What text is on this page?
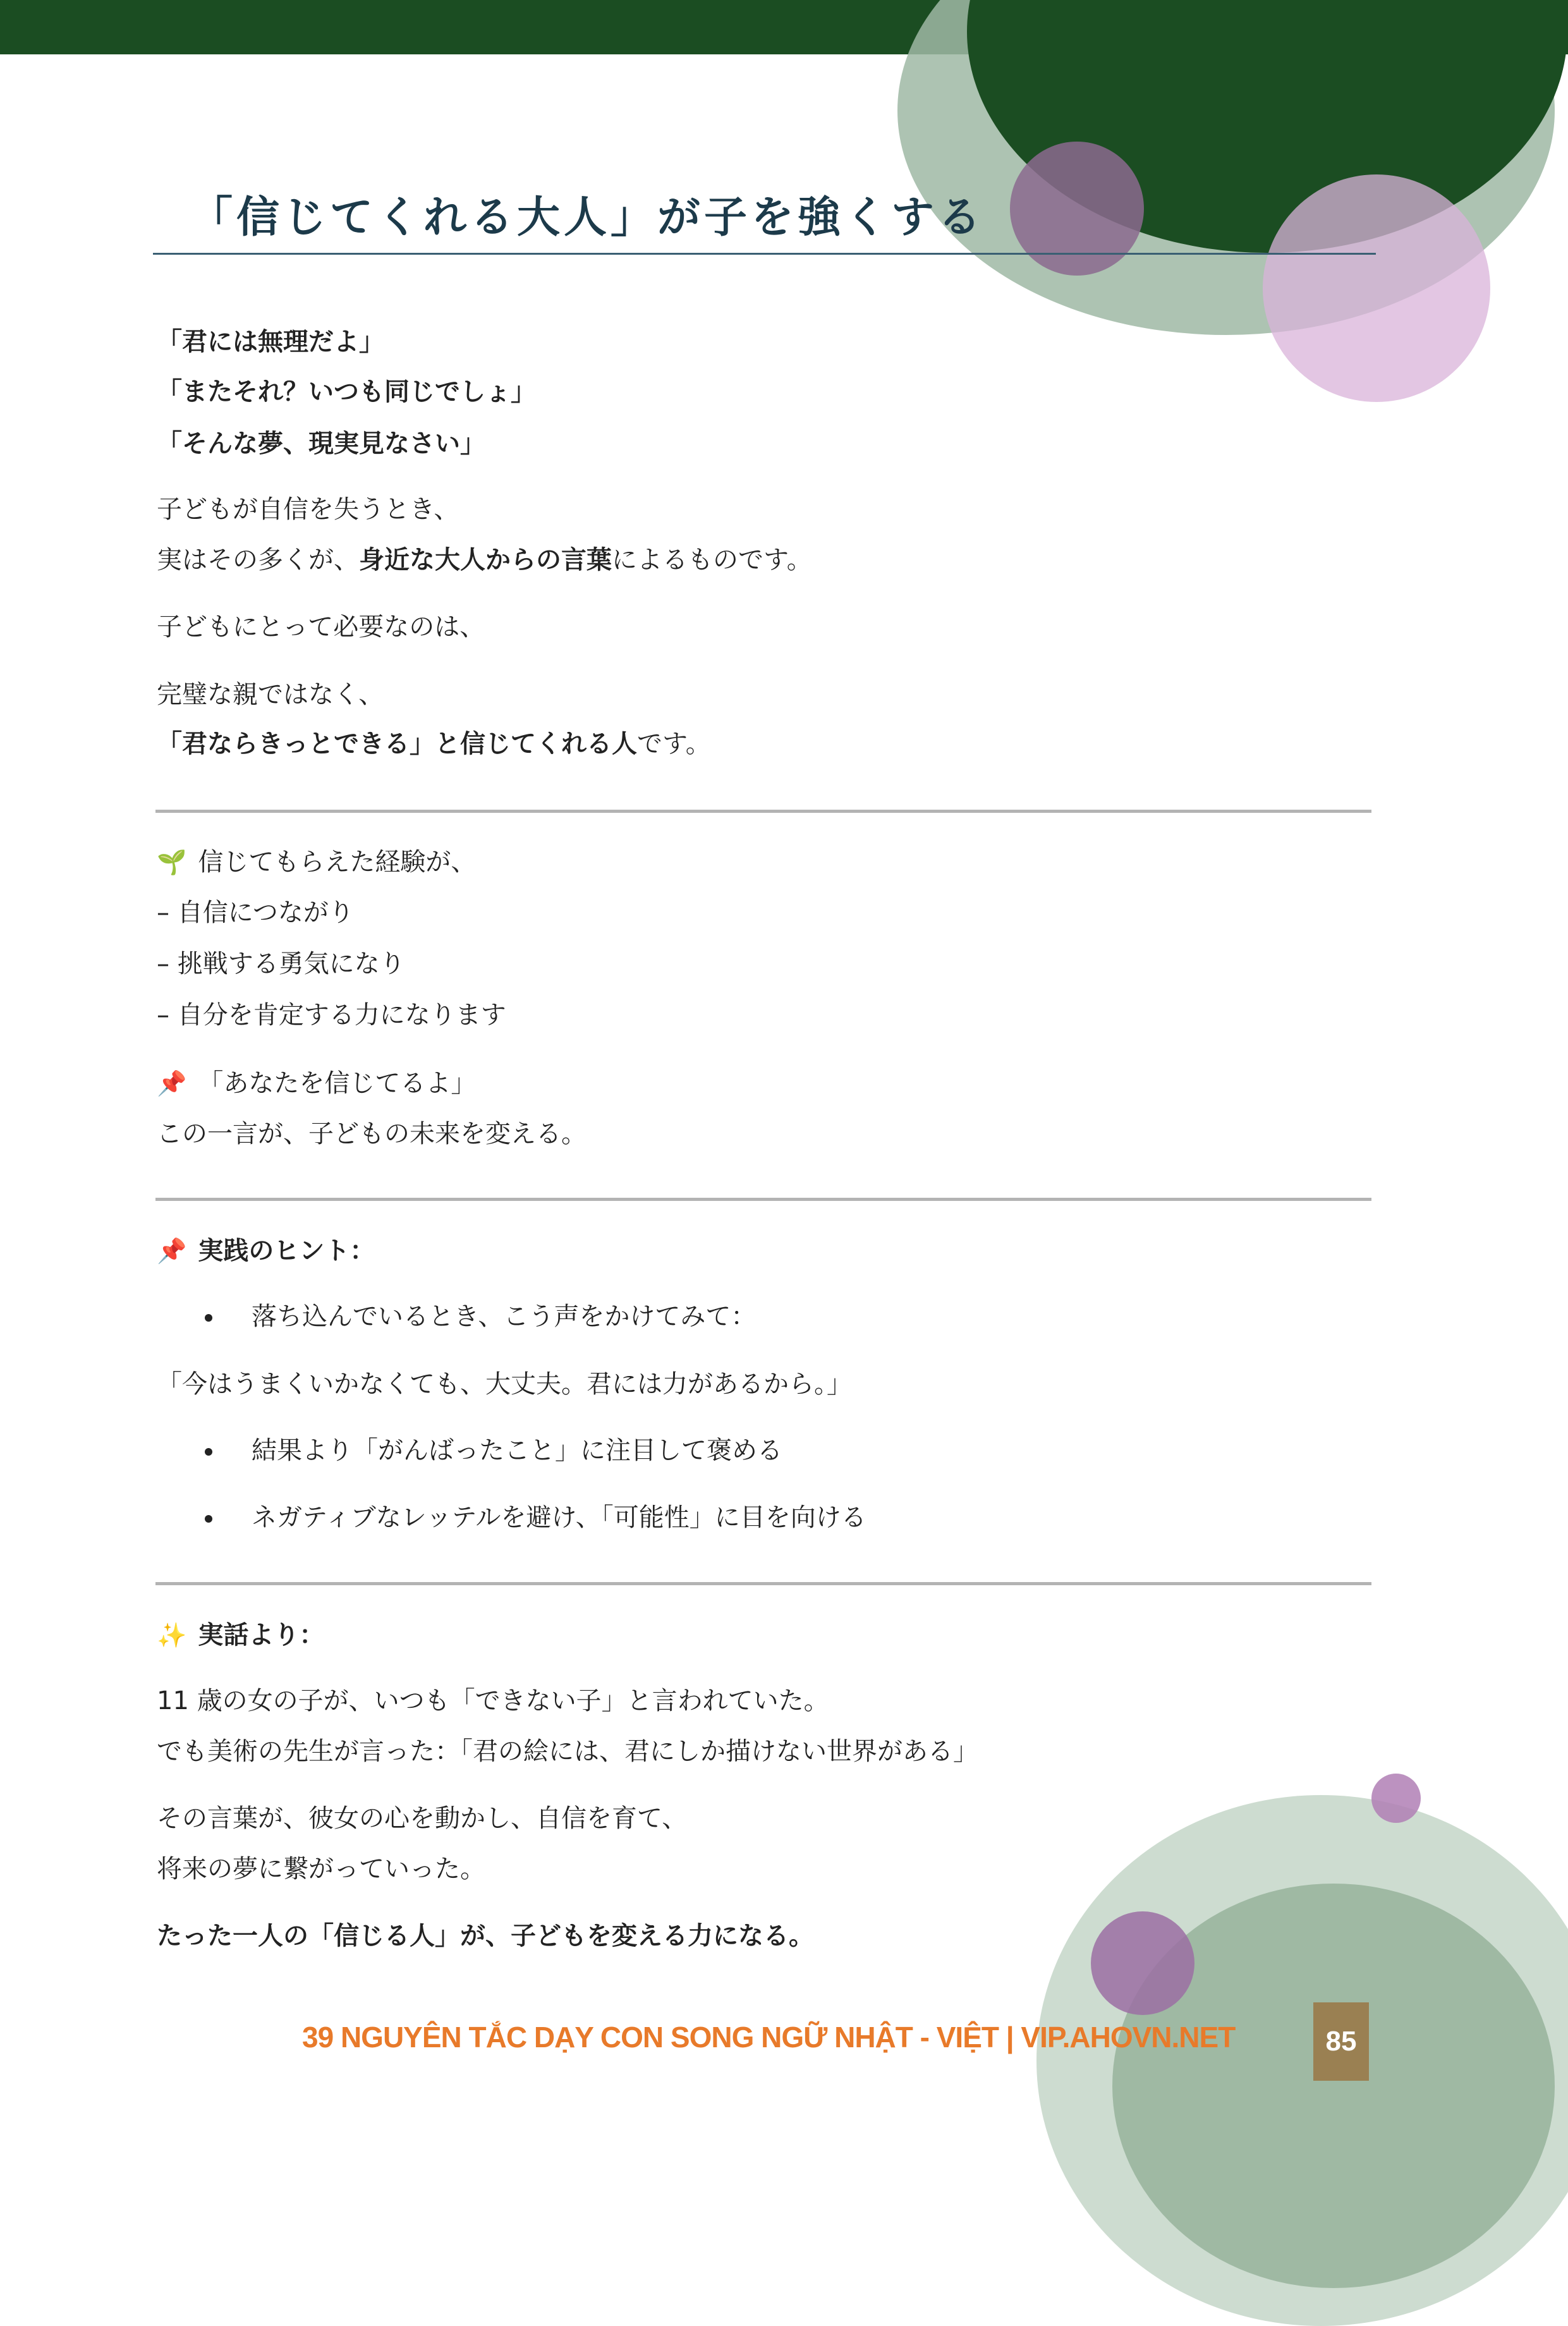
「信じてくれる大人」が子を強くする
「君には無理だよ」
「またそれ？いつも同じでしょ」
「そんな夢、現実見なさい」
子どもが自信を失うとき、
実はその多くが、身近な大人からの言葉によるものです。
子どもにとって必要なのは、
完璧な親ではなく、
「君ならきっとできる」と信じてくれる人です。
🌱 信じてもらえた経験が、
– 自信につながり
– 挑戦する勇気になり
– 自分を肯定する力になります
📌 「あなたを信じてるよ」
この一言が、子どもの未来を変える。
📌 実践のヒント：
落ち込んでいるとき、こう声をかけてみて：
「今はうまくいかなくても、大丈夫。君には力があるから。」
結果より「がんばったこと」に注目して褒める
ネガティブなレッテルを避け、「可能性」に目を向ける
✨ 実話より：
11 歳の女の子が、いつも「できない子」と言われていた。
でも美術の先生が言った：「君の絵には、君にしか描けない世界がある」
その言葉が、彼女の心を動かし、自信を育て、
将来の夢に繋がっていった。
たった一人の「信じる人」が、子どもを変える力になる。
39 NGUYÊN TẮC DẠY CON SONG NGỮ NHẬT - VIỆT | VIP.AHOVN.NET	85
